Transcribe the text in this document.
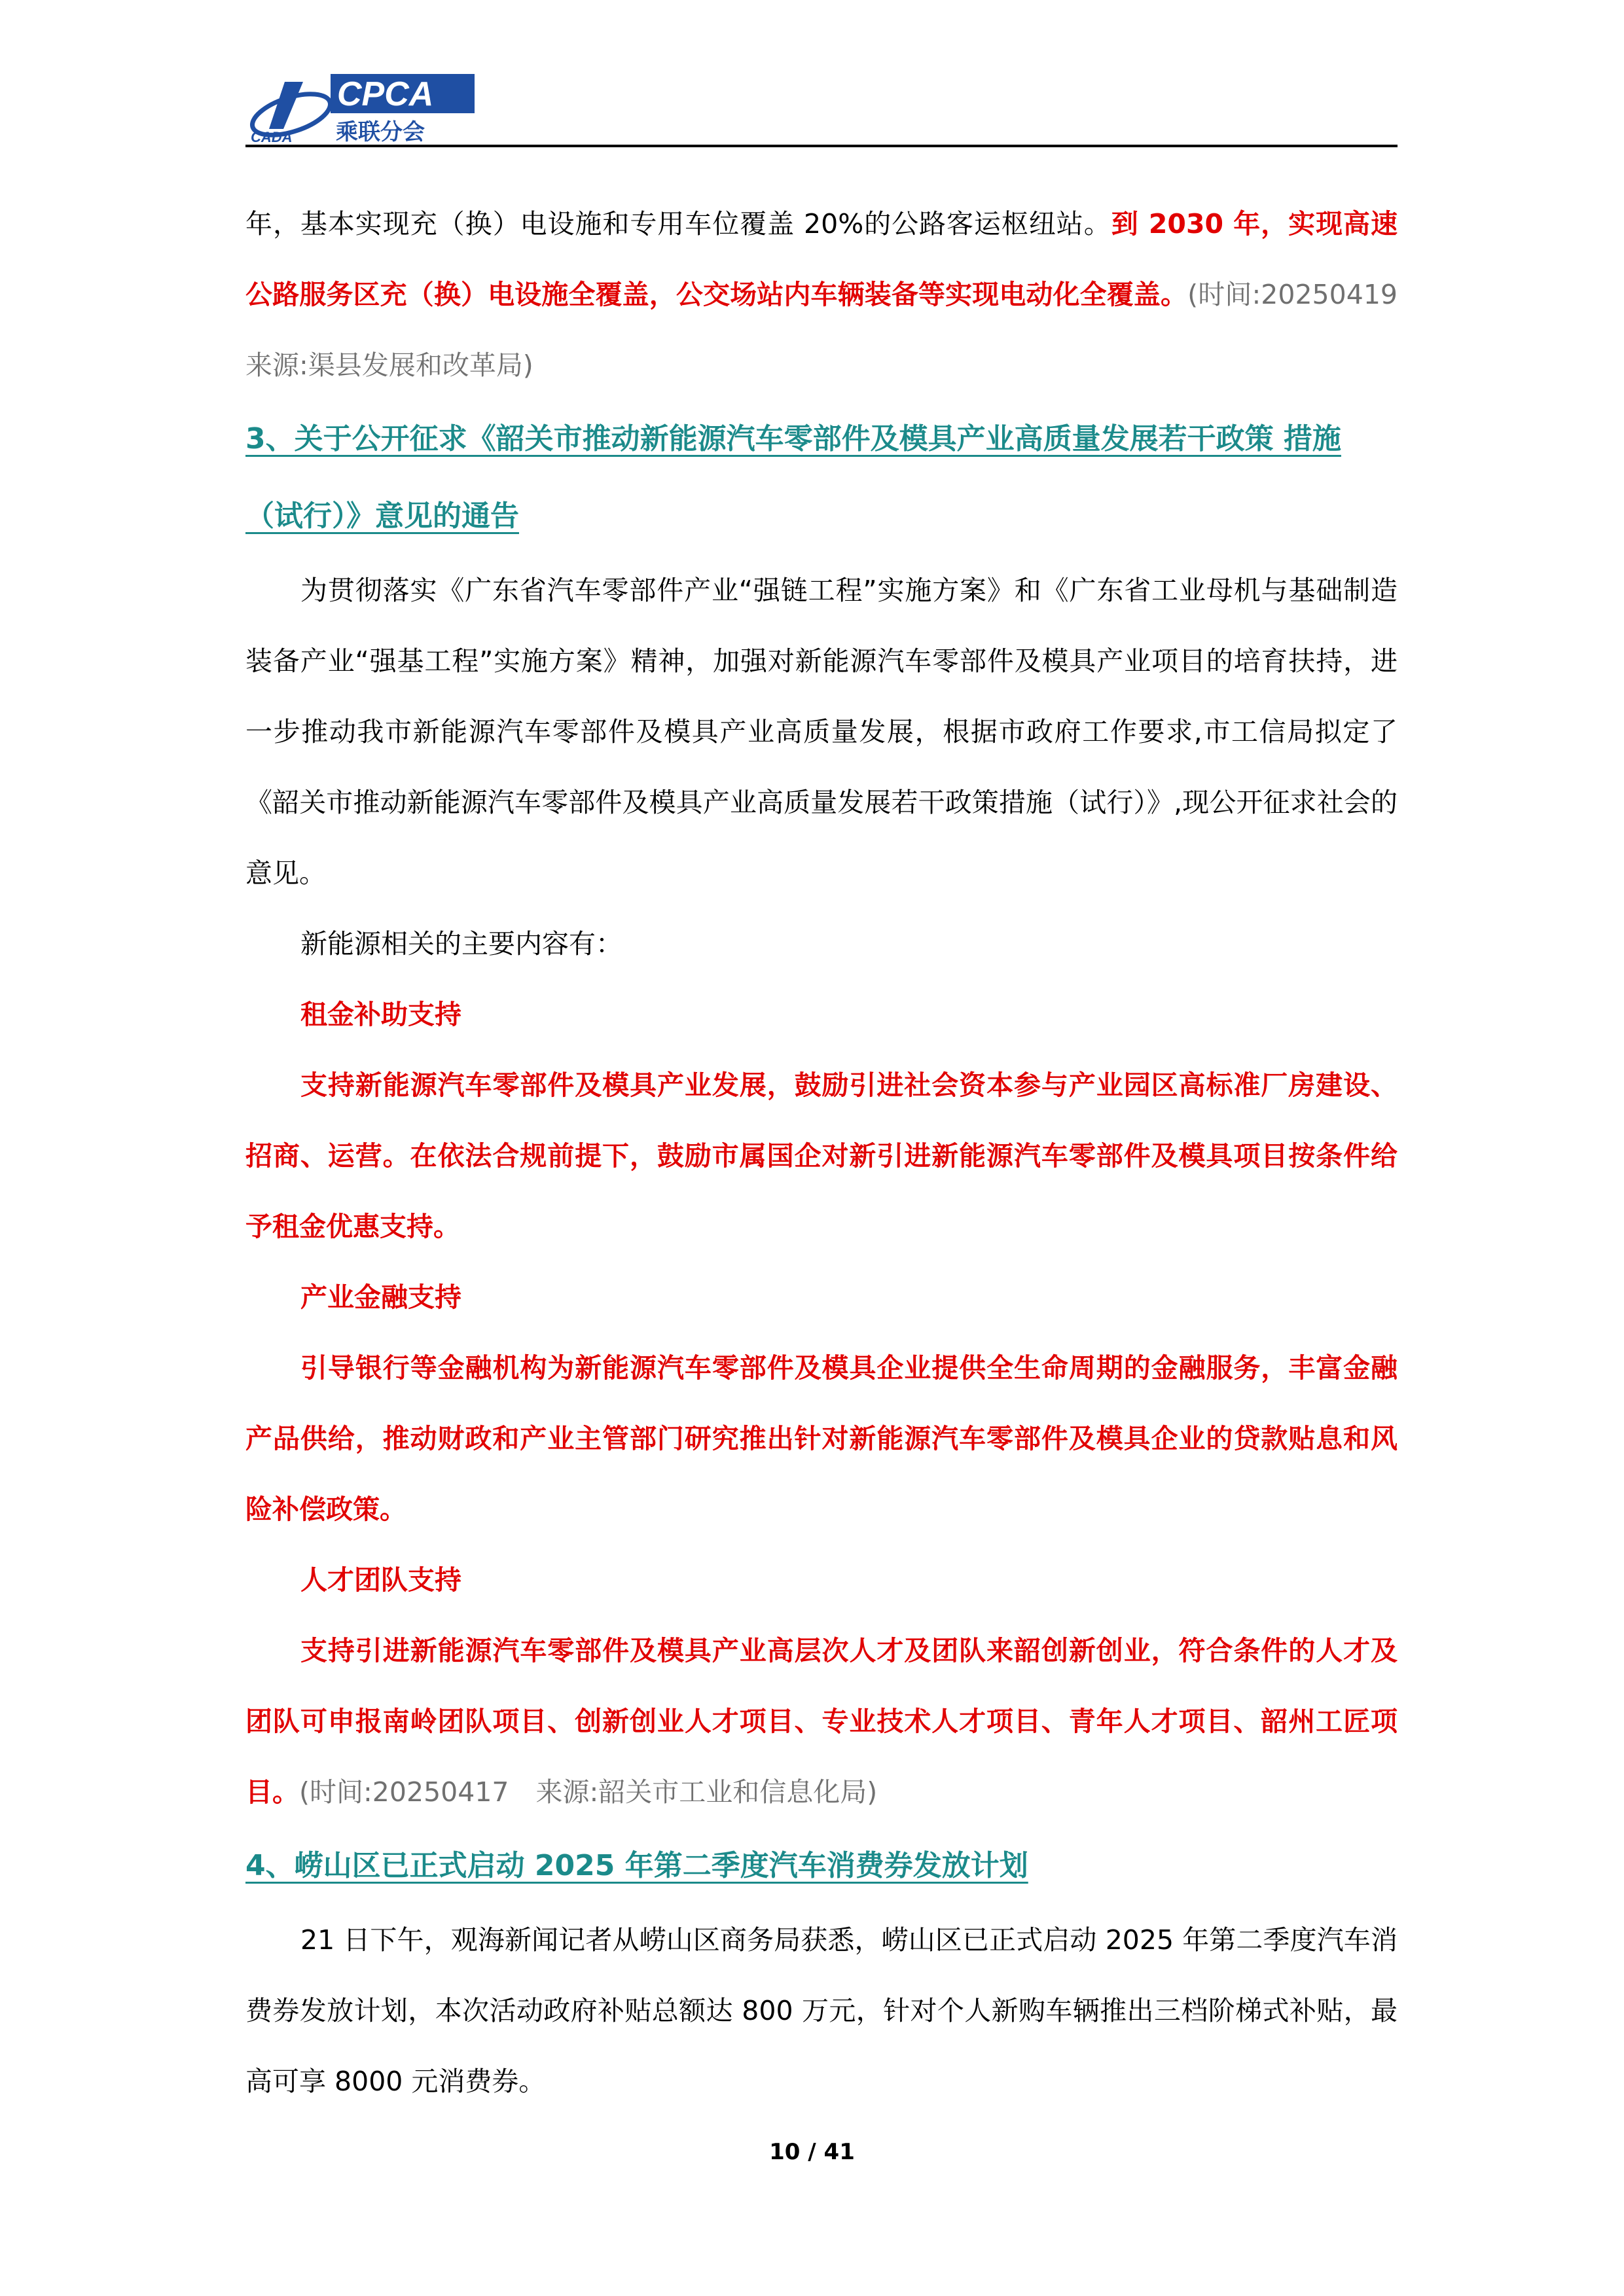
CADA
CPCA
乘联分会

年，基本实现充（换）电设施和专用车位覆盖 20%的公路客运枢纽站。到 2030 年，实现高速公路服务区充（换）电设施全覆盖，公交场站内车辆装备等实现电动化全覆盖。(时间:20250419 来源:渠县发展和改革局)

3、关于公开征求《韶关市推动新能源汽车零部件及模具产业高质量发展若干政策 措施（试行）》意见的通告

为贯彻落实《广东省汽车零部件产业“强链工程”实施方案》和《广东省工业母机与基础制造装备产业“强基工程”实施方案》精神，加强对新能源汽车零部件及模具产业项目的培育扶持，进一步推动我市新能源汽车零部件及模具产业高质量发展，根据市政府工作要求,市工信局拟定了《韶关市推动新能源汽车零部件及模具产业高质量发展若干政策措施（试行）》,现公开征求社会的意见。

新能源相关的主要内容有：

租金补助支持

支持新能源汽车零部件及模具产业发展，鼓励引进社会资本参与产业园区高标准厂房建设、招商、运营。在依法合规前提下，鼓励市属国企对新引进新能源汽车零部件及模具项目按条件给予租金优惠支持。

产业金融支持

引导银行等金融机构为新能源汽车零部件及模具企业提供全生命周期的金融服务，丰富金融产品供给，推动财政和产业主管部门研究推出针对新能源汽车零部件及模具企业的贷款贴息和风险补偿政策。

人才团队支持

支持引进新能源汽车零部件及模具产业高层次人才及团队来韶创新创业，符合条件的人才及团队可申报南岭团队项目、创新创业人才项目、专业技术人才项目、青年人才项目、韶州工匠项目。(时间:20250417　来源:韶关市工业和信息化局)

4、崂山区已正式启动 2025 年第二季度汽车消费券发放计划

21 日下午，观海新闻记者从崂山区商务局获悉，崂山区已正式启动 2025 年第二季度汽车消费券发放计划，本次活动政府补贴总额达 800 万元，针对个人新购车辆推出三档阶梯式补贴，最高可享 8000 元消费券。

10 / 41
